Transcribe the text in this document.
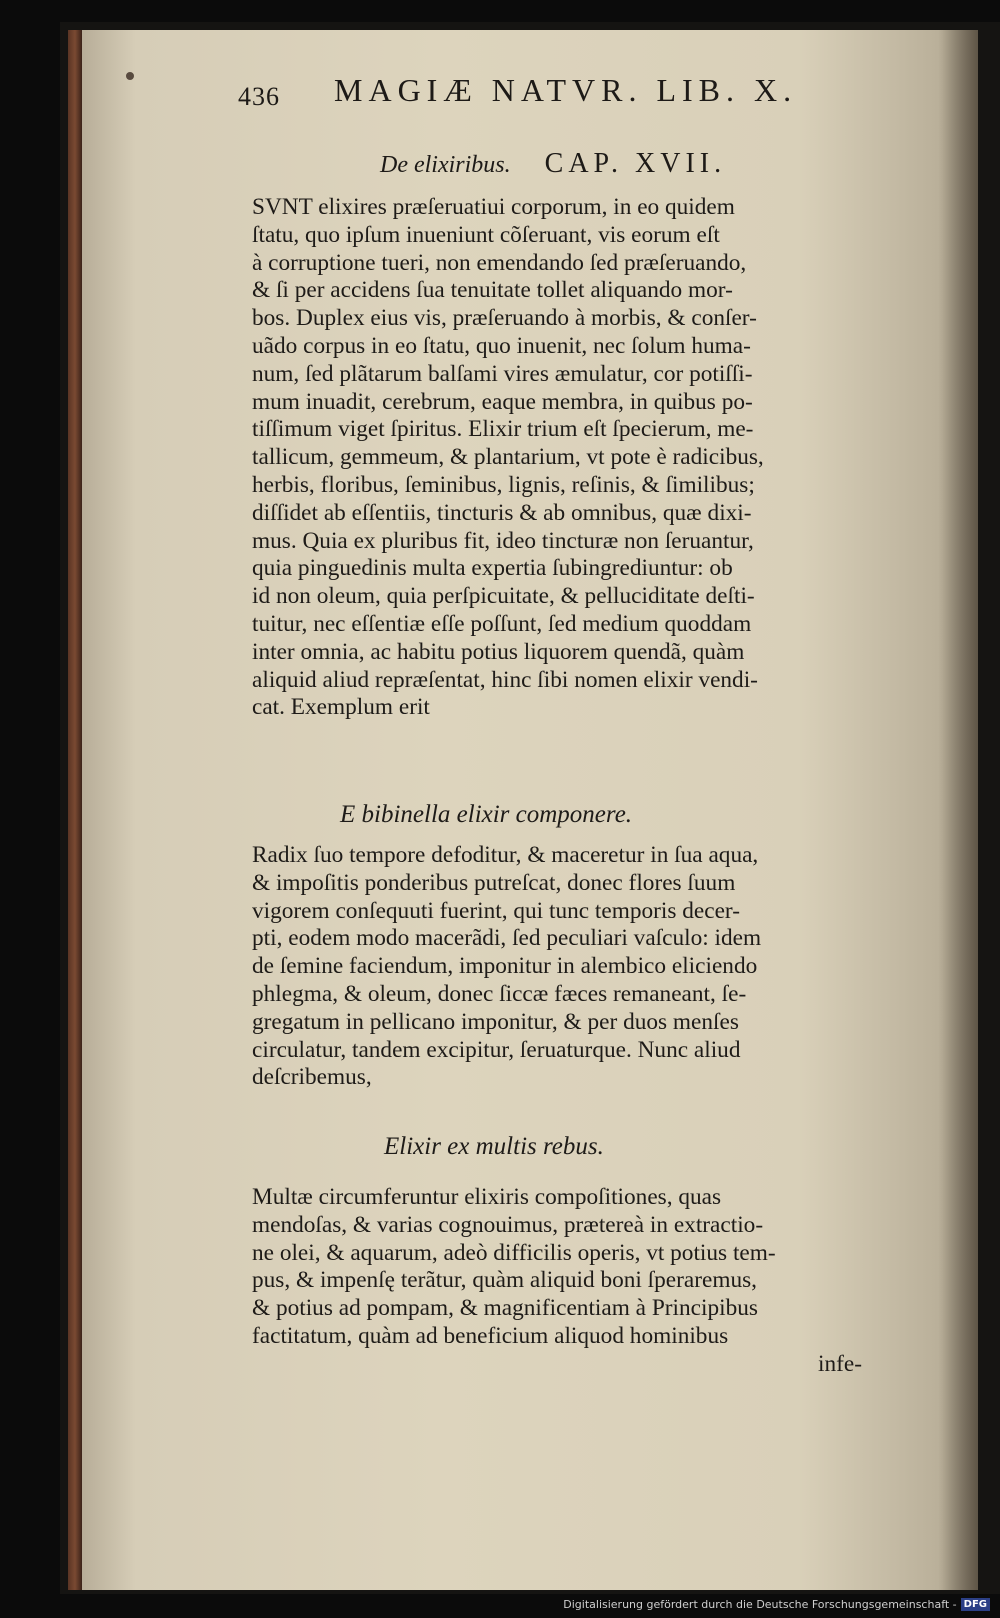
436 MAGIÆ NATVR. LIB. X.
De elixiribus. CAP. XVII.
SVNT elixires præſeruatiui corporum, in eo quidem
ſtatu, quo ipſum inueniunt cõſeruant, vis eorum eſt
à corruptione tueri, non emendando ſed præſeruando,
& ſi per accidens ſua tenuitate tollet aliquando mor-
bos. Duplex eius vis, præſeruando à morbis, & conſer-
uãdo corpus in eo ſtatu, quo inuenit, nec ſolum huma-
num, ſed plãtarum balſami vires æmulatur, cor potiſſi-
mum inuadit, cerebrum, eaque membra, in quibus po-
tiſſimum viget ſpiritus. Elixir trium eſt ſpecierum, me-
tallicum, gemmeum, & plantarium, vt pote è radicibus,
herbis, floribus, ſeminibus, lignis, reſinis, & ſimilibus;
diſſidet ab eſſentiis, tincturis & ab omnibus, quæ dixi-
mus. Quia ex pluribus fit, ideo tincturæ non ſeruantur,
quia pinguedinis multa expertia ſubingrediuntur: ob
id non oleum, quia perſpicuitate, & pelluciditate deſti-
tuitur, nec eſſentiæ eſſe poſſunt, ſed medium quoddam
inter omnia, ac habitu potius liquorem quendã, quàm
aliquid aliud repræſentat, hinc ſibi nomen elixir vendi-
cat. Exemplum erit
E bibinella elixir componere.
Radix ſuo tempore defoditur, & maceretur in ſua aqua,
& impoſitis ponderibus putreſcat, donec flores ſuum
vigorem conſequuti fuerint, qui tunc temporis decer-
pti, eodem modo macerãdi, ſed peculiari vaſculo: idem
de ſemine faciendum, imponitur in alembico eliciendo
phlegma, & oleum, donec ſiccæ fæces remaneant, ſe-
gregatum in pellicano imponitur, & per duos menſes
circulatur, tandem excipitur, ſeruaturque. Nunc aliud
deſcribemus,
Elixir ex multis rebus.
Multæ circumferuntur elixiris compoſitiones, quas
mendoſas, & varias cognouimus, prætereà in extractio-
ne olei, & aquarum, adeò difficilis operis, vt potius tem-
pus, & impenſę terãtur, quàm aliquid boni ſperaremus,
& potius ad pompam, & magnificentiam à Principibus
factitatum, quàm ad beneficium aliquod hominibus
infe-
Digitalisierung gefördert durch die Deutsche Forschungsgemeinschaft - DFG
